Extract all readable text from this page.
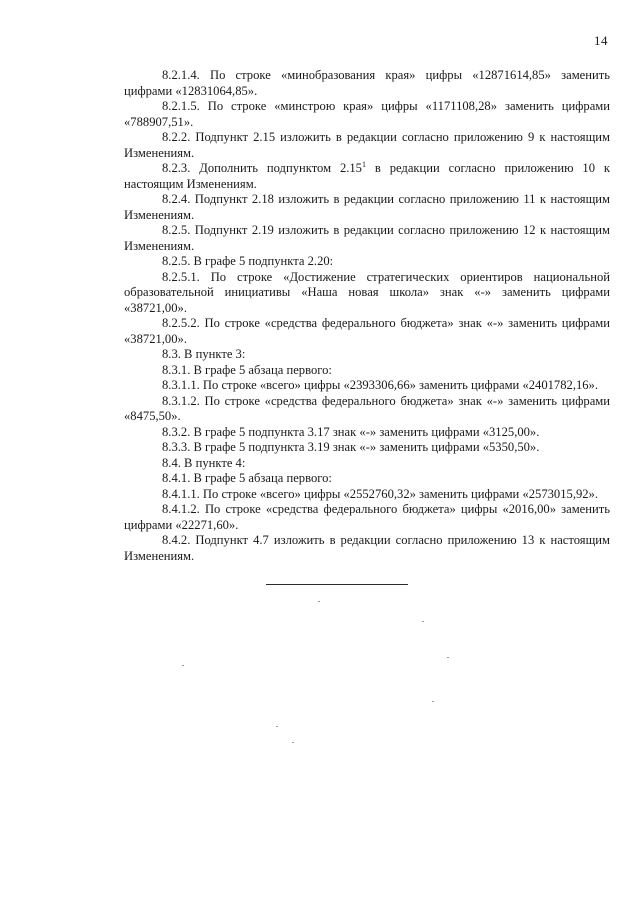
14

8.2.1.4. По строке «минобразования края» цифры «12871614,85» заменить цифрами «12831064,85».

8.2.1.5. По строке «минстрою края» цифры «1171108,28» заменить цифрами «788907,51».

8.2.2. Подпункт 2.15 изложить в редакции согласно приложению 9 к настоящим Изменениям.

8.2.3. Дополнить подпунктом 2.15$^1$ в редакции согласно приложению 10 к настоящим Изменениям.

8.2.4. Подпункт 2.18 изложить в редакции согласно приложению 11 к настоящим Изменениям.

8.2.5. Подпункт 2.19 изложить в редакции согласно приложению 12 к настоящим Изменениям.

8.2.5. В графе 5 подпункта 2.20:

8.2.5.1. По строке «Достижение стратегических ориентиров национальной образовательной инициативы «Наша новая школа» знак «-» заменить цифрами «38721,00».

8.2.5.2. По строке «средства федерального бюджета» знак «-» заменить цифрами «38721,00».

8.3. В пункте 3:

8.3.1. В графе 5 абзаца первого:

8.3.1.1. По строке «всего» цифры «2393306,66» заменить цифрами «2401782,16».

8.3.1.2. По строке «средства федерального бюджета» знак «-» заменить цифрами «8475,50».

8.3.2. В графе 5 подпункта 3.17 знак «-» заменить цифрами «3125,00».

8.3.3. В графе 5 подпункта 3.19 знак «-» заменить цифрами «5350,50».

8.4. В пункте 4:

8.4.1. В графе 5 абзаца первого:

8.4.1.1. По строке «всего» цифры «2552760,32» заменить цифрами «2573015,92».

8.4.1.2. По строке «средства федерального бюджета» цифры «2016,00» заменить цифрами «22271,60».

8.4.2. Подпункт 4.7 изложить в редакции согласно приложению 13 к настоящим Изменениям.
